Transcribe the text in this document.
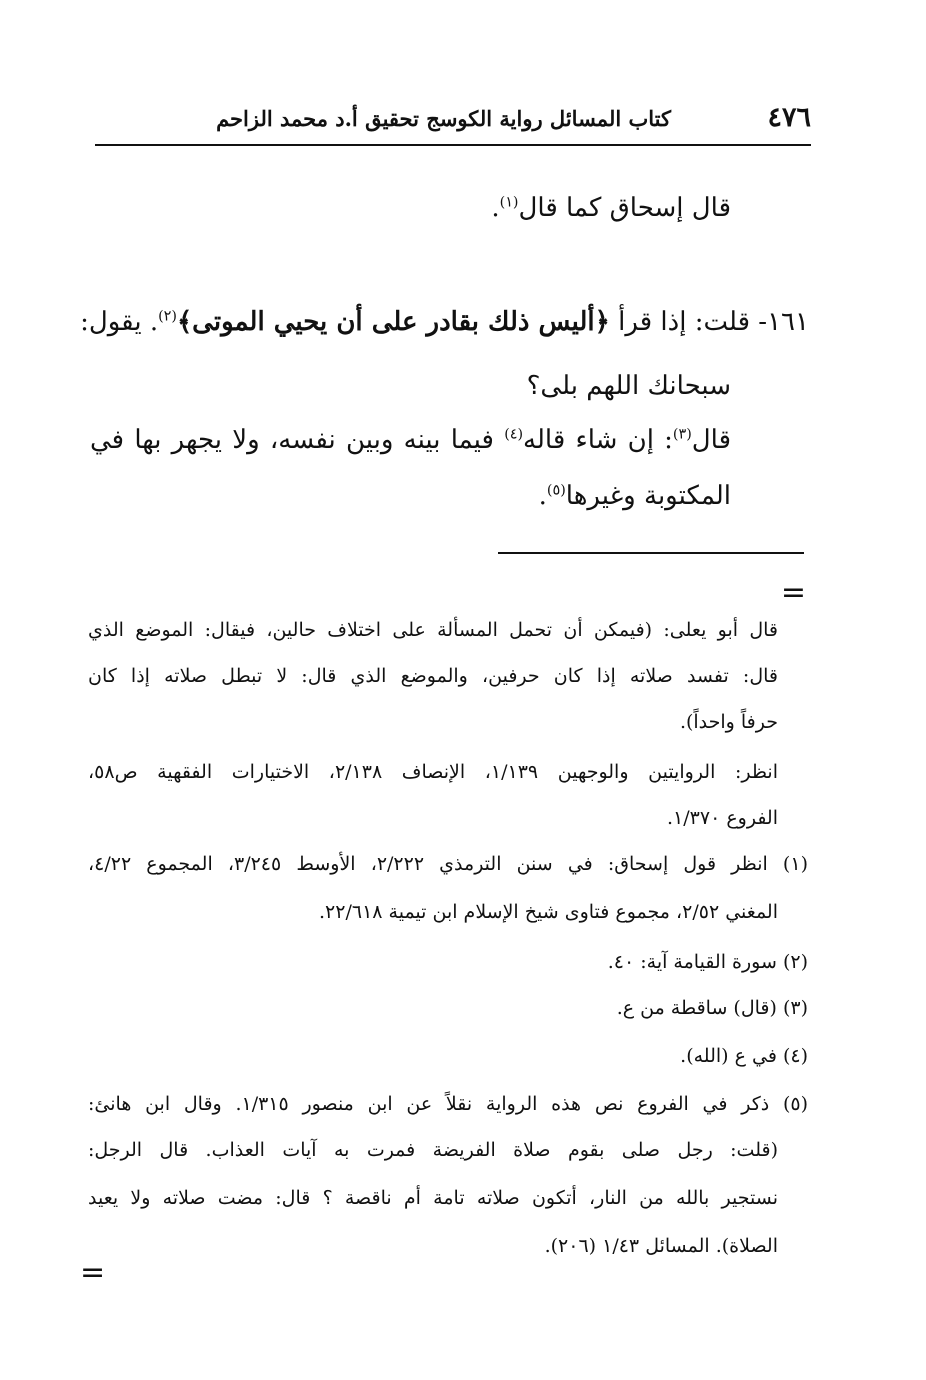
٤٧٦
كتاب المسائل رواية الكوسج تحقيق أ.د محمد الزاحم
قال إسحاق كما قال$^{(١)}$.
١٦١- قلت: إذا قرأ ﴿أليس ذلك بقادر على أن يحيي الموتى﴾$^{(٢)}$. يقول:
سبحانك اللهم بلى؟
قال$^{(٣)}$: إن شاء قاله$^{(٤)}$ فيما بينه وبين نفسه، ولا يجهر بها في
المكتوبة وغيرها$^{(٥)}$.
=
قال أبو يعلى: (فيمكن أن تحمل المسألة على اختلاف حالين، فيقال: الموضع الذي
قال: تفسد صلاته إذا كان حرفين، والموضع الذي قال: لا تبطل صلاته إذا كان
حرفاً واحداً).
انظر: الروايتين والوجهين ١/١٣٩، الإنصاف ٢/١٣٨، الاختيارات الفقهية ص٥٨،
الفروع ١/٣٧٠.
(١) انظر قول إسحاق: في سنن الترمذي ٢/٢٢٢، الأوسط ٣/٢٤٥، المجموع ٤/٢٢،
المغني ٢/٥٢، مجموع فتاوى شيخ الإسلام ابن تيمية ٢٢/٦١٨.
(٢) سورة القيامة آية: ٤٠.
(٣) (قال) ساقطة من ع.
(٤) في ع (الله).
(٥) ذكر في الفروع نص هذه الرواية نقلاً عن ابن منصور ١/٣١٥. وقال ابن هانئ:
(قلت: رجل صلى بقوم صلاة الفريضة فمرت به آيات العذاب. قال الرجل:
نستجير بالله من النار، أتكون صلاته تامة أم ناقصة ؟ قال: مضت صلاته ولا يعيد
الصلاة). المسائل ١/٤٣ (٢٠٦).
=
